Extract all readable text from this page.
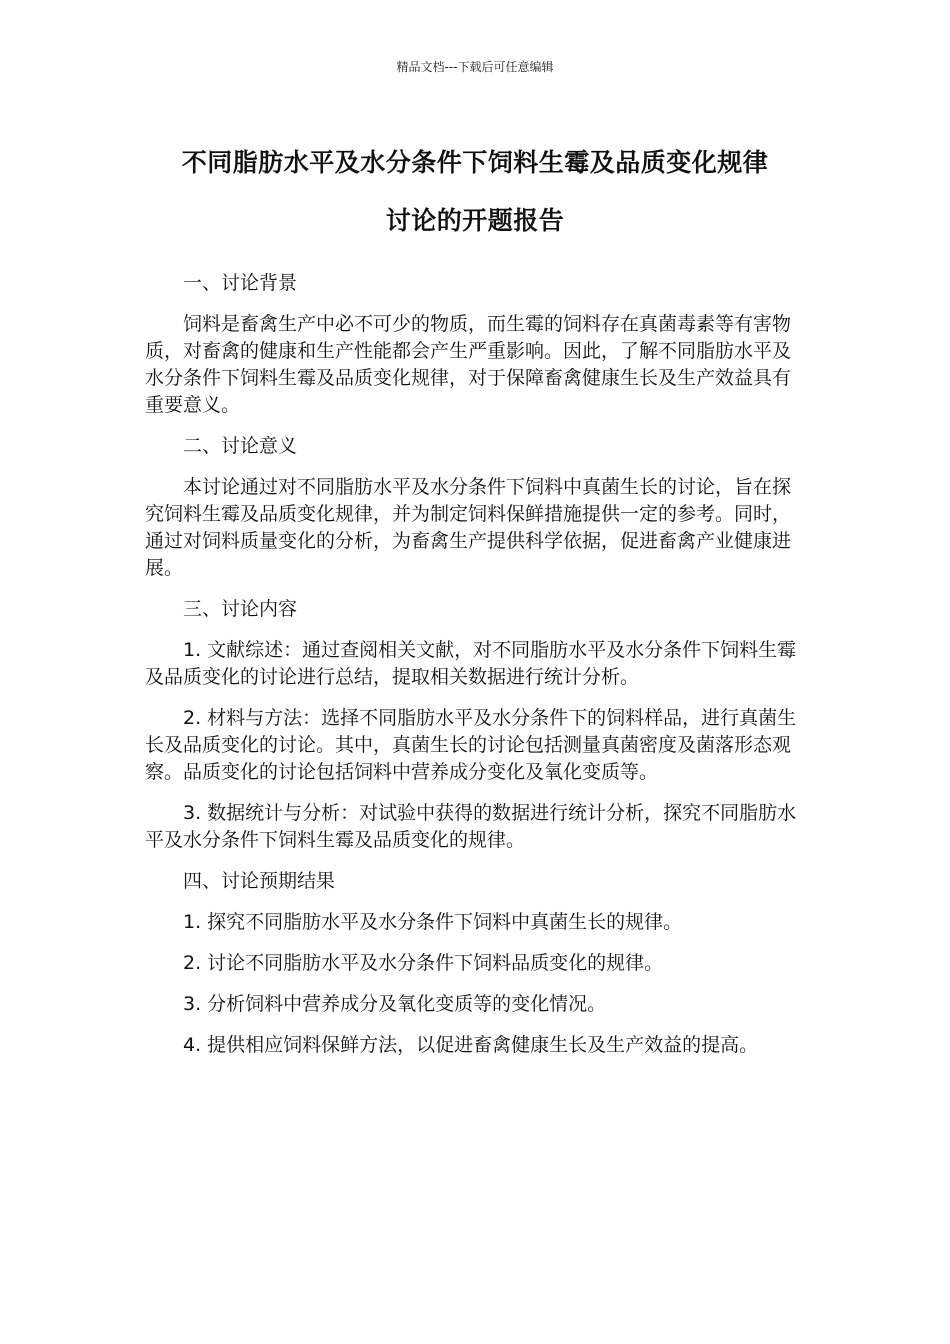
精品文档---下载后可任意编辑
不同脂肪水平及水分条件下饲料生霉及品质变化规律
讨论的开题报告

一、讨论背景

饲料是畜禽生产中必不可少的物质，而生霉的饲料存在真菌毒素等有害物质，对畜禽的健康和生产性能都会产生严重影响。因此，了解不同脂肪水平及水分条件下饲料生霉及品质变化规律，对于保障畜禽健康生长及生产效益具有重要意义。

二、讨论意义

本讨论通过对不同脂肪水平及水分条件下饲料中真菌生长的讨论，旨在探究饲料生霉及品质变化规律，并为制定饲料保鲜措施提供一定的参考。同时，通过对饲料质量变化的分析，为畜禽生产提供科学依据，促进畜禽产业健康进展。

三、讨论内容

1. 文献综述：通过查阅相关文献，对不同脂肪水平及水分条件下饲料生霉及品质变化的讨论进行总结，提取相关数据进行统计分析。

2. 材料与方法：选择不同脂肪水平及水分条件下的饲料样品，进行真菌生长及品质变化的讨论。其中，真菌生长的讨论包括测量真菌密度及菌落形态观察。品质变化的讨论包括饲料中营养成分变化及氧化变质等。

3. 数据统计与分析：对试验中获得的数据进行统计分析，探究不同脂肪水平及水分条件下饲料生霉及品质变化的规律。

四、讨论预期结果

1. 探究不同脂肪水平及水分条件下饲料中真菌生长的规律。

2. 讨论不同脂肪水平及水分条件下饲料品质变化的规律。

3. 分析饲料中营养成分及氧化变质等的变化情况。

4. 提供相应饲料保鲜方法，以促进畜禽健康生长及生产效益的提高。
